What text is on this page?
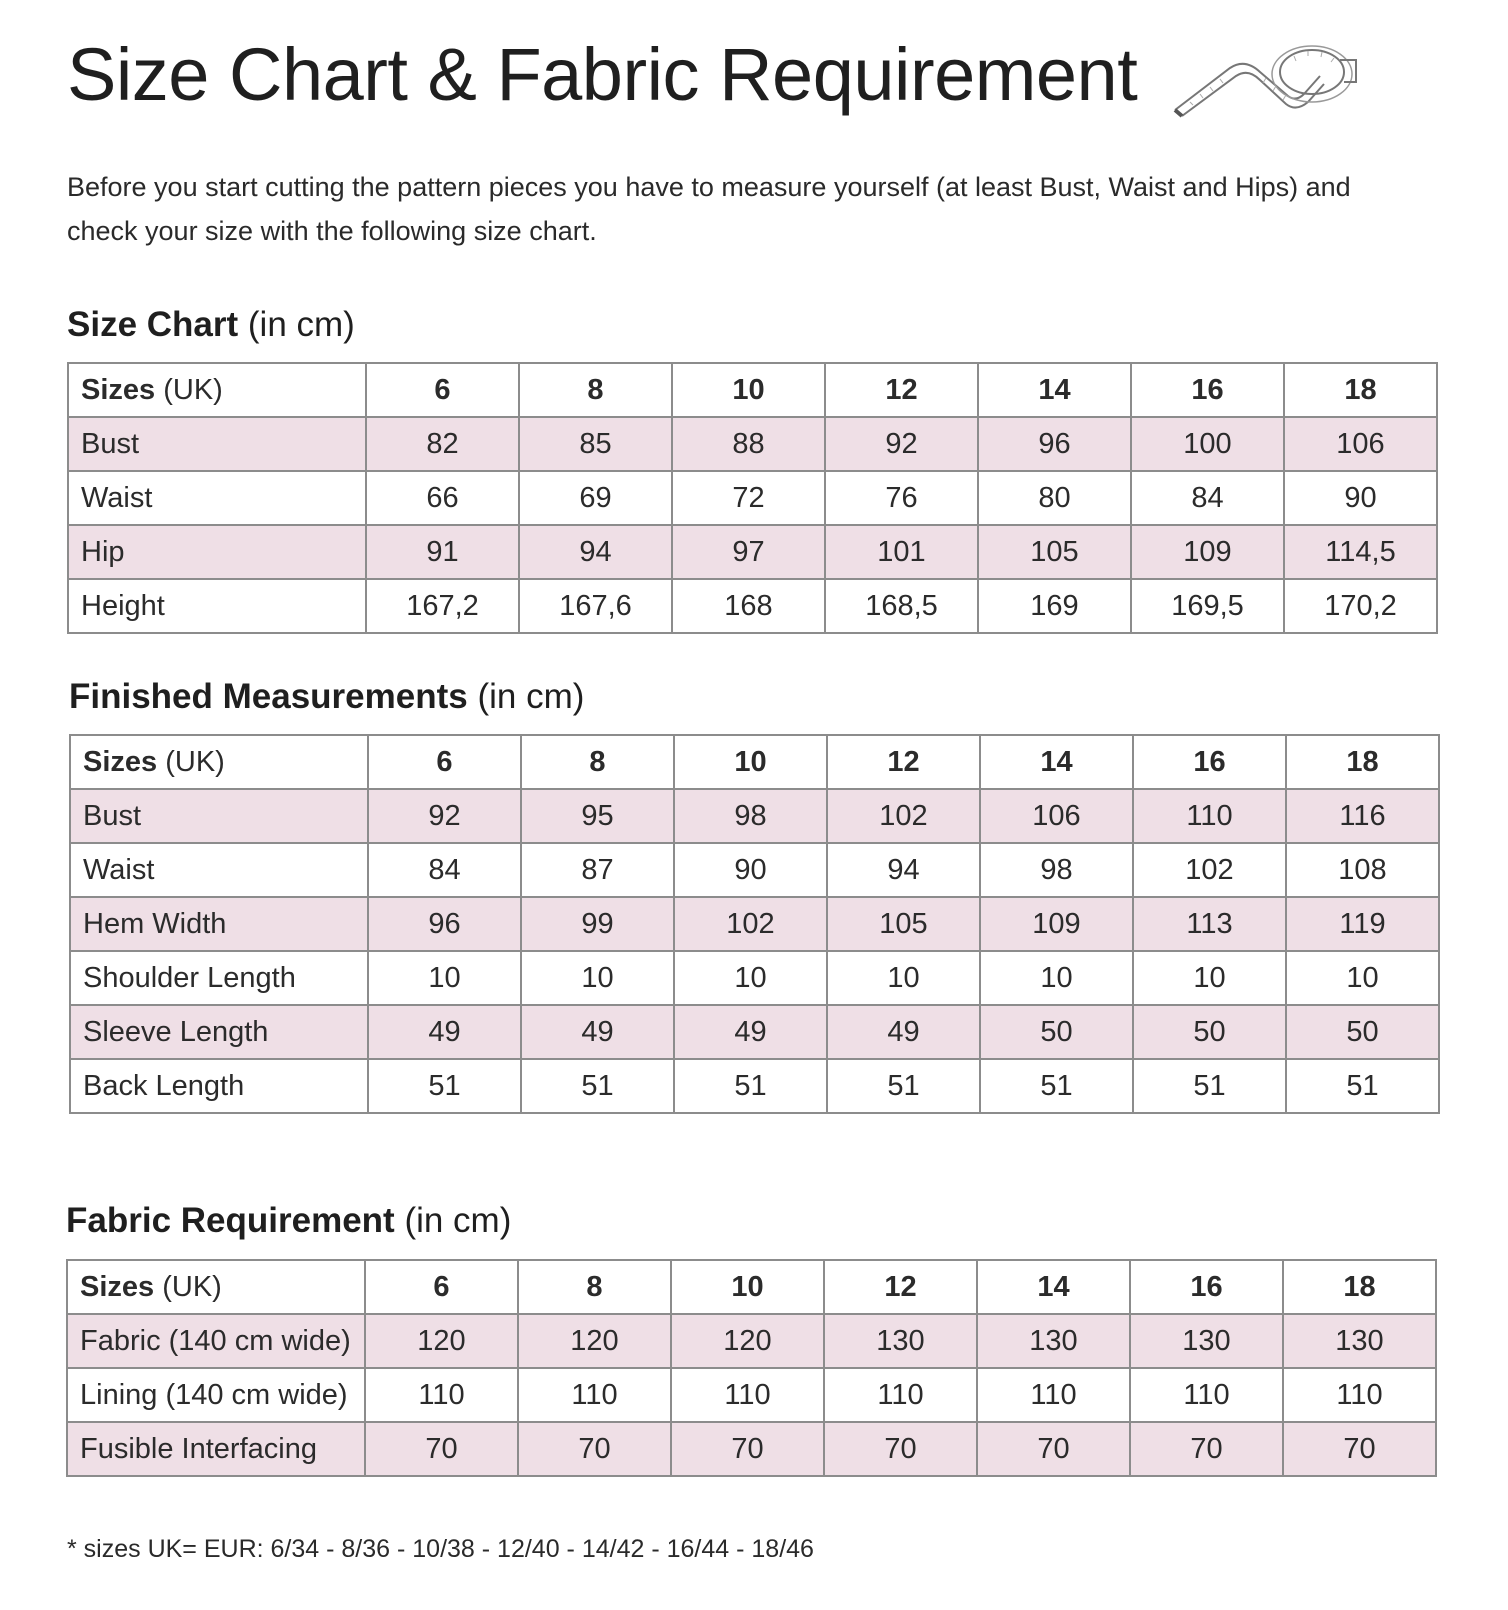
Size Chart & Fabric Requirement

Before you start cutting the pattern pieces you have to measure yourself (at least Bust, Waist and Hips) and check your size with the following size chart.

Size Chart (in cm)
Sizes (UK)	6	8	10	12	14	16	18
Bust	82	85	88	92	96	100	106
Waist	66	69	72	76	80	84	90
Hip	91	94	97	101	105	109	114,5
Height	167,2	167,6	168	168,5	169	169,5	170,2
Finished Measurements (in cm)
Sizes (UK)	6	8	10	12	14	16	18
Bust	92	95	98	102	106	110	116
Waist	84	87	90	94	98	102	108
Hem Width	96	99	102	105	109	113	119
Shoulder Length	10	10	10	10	10	10	10
Sleeve Length	49	49	49	49	50	50	50
Back Length	51	51	51	51	51	51	51
Fabric Requirement (in cm)
Sizes (UK)	6	8	10	12	14	16	18
Fabric (140 cm wide)	120	120	120	130	130	130	130
Lining (140 cm wide)	110	110	110	110	110	110	110
Fusible Interfacing	70	70	70	70	70	70	70

* sizes UK= EUR: 6/34 - 8/36 - 10/38 - 12/40 - 14/42 - 16/44 - 18/46
